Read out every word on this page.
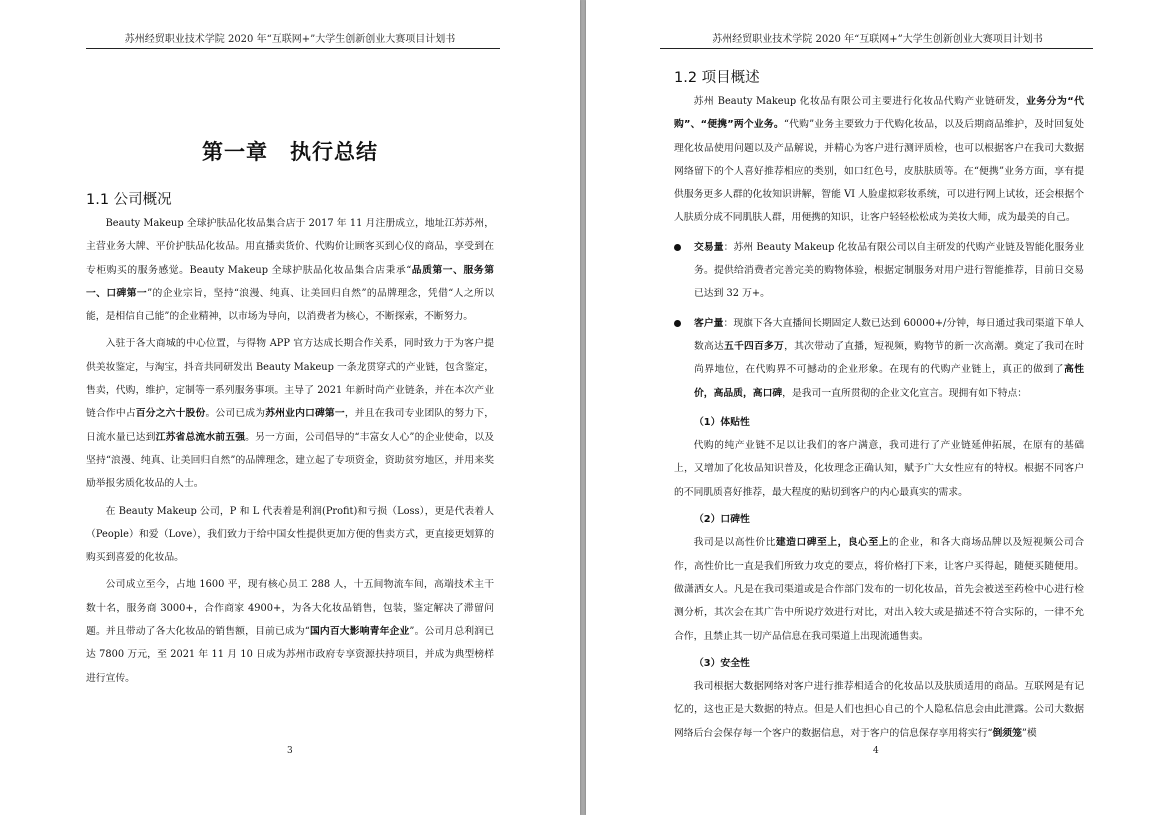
苏州经贸职业技术学院 2020 年“互联网+”大学生创新创业大赛项目计划书
第一章　执行总结
1.1 公司概况

Beauty Makeup 全球护肤品化妆品集合店于 2017 年 11 月注册成立，地址江苏苏州，主营业务大牌、平价护肤品化妆品。用直播卖货价、代购价让顾客买到心仪的商品，享受到在专柜购买的服务感觉。Beauty Makeup 全球护肤品化妆品集合店秉承“品质第一、服务第一、口碑第一”的企业宗旨，坚持“浪漫、纯真、让美回归自然”的品牌理念，凭借“人之所以能，是相信自己能”的企业精神，以市场为导向，以消费者为核心，不断探索，不断努力。

入驻于各大商城的中心位置，与得物 APP 官方达成长期合作关系，同时致力于为客户提供美妆鉴定，与淘宝，抖音共同研发出 Beauty Makeup 一条龙贯穿式的产业链，包含鉴定，售卖，代购，维护，定制等一系列服务事项。主导了 2021 年新时尚产业链条，并在本次产业链合作中占百分之六十股份。公司已成为苏州业内口碑第一，并且在我司专业团队的努力下，日流水量已达到江苏省总流水前五强。另一方面，公司倡导的“丰富女人心”的企业使命，以及坚持“浪漫、纯真、让美回归自然”的品牌理念，建立起了专项资金，资助贫穷地区，并用来奖励举报劣质化妆品的人士。

在 Beauty Makeup 公司，P 和 L 代表着是利润(Profit)和亏损（Loss），更是代表着人（People）和爱（Love），我们致力于给中国女性提供更加方便的售卖方式，更直接更划算的购买到喜爱的化妆品。

公司成立至今，占地 1600 平，现有核心员工 288 人，十五间物流车间，高端技术主干数十名，服务商 3000+，合作商家 4900+，为各大化妆品销售，包装，鉴定解决了滞留问题。并且带动了各大化妆品的销售额，目前已成为“国内百大影响青年企业”。公司月总利润已达 7800 万元，至 2021 年 11 月 10 日成为苏州市政府专享资源扶持项目，并成为典型榜样进行宣传。

3
苏州经贸职业技术学院 2020 年“互联网+”大学生创新创业大赛项目计划书
1.2 项目概述

苏州 Beauty Makeup 化妆品有限公司主要进行化妆品代购产业链研发，业务分为“代购”、“便携”两个业务。“代购”业务主要致力于代购化妆品，以及后期商品维护，及时回复处理化妆品使用问题以及产品解说，并精心为客户进行测评质检，也可以根据客户在我司大数据网络留下的个人喜好推荐相应的类别，如口红色号，皮肤肤质等。在“便携”业务方面，享有提供服务更多人群的化妆知识讲解，智能 VI 人脸虚拟彩妆系统，可以进行网上试妆，还会根据个人肤质分成不同肌肤人群，用便携的知识，让客户轻轻松松成为美妆大师，成为最美的自己。

交易量：苏州 Beauty Makeup 化妆品有限公司以自主研发的代购产业链及智能化服务业务。提供给消费者完善完美的购物体验，根据定制服务对用户进行智能推荐，目前日交易已达到 32 万+。
客户量：现旗下各大直播间长期固定人数已达到 60000+/分钟，每日通过我司渠道下单人数高达五千四百多万，其次带动了直播，短视频，购物节的新一次高潮。奠定了我司在时尚界地位，在代购界不可撼动的企业形象。在现有的代购产业链上，真正的做到了高性价，高品质，高口碑，是我司一直所贯彻的企业文化宣言。现拥有如下特点：
（1）体贴性

代购的纯产业链不足以让我们的客户满意，我司进行了产业链延伸拓展，在原有的基础上，又增加了化妆品知识普及，化妆理念正确认知，赋予广大女性应有的特权。根据不同客户的不同肌质喜好推荐，最大程度的贴切到客户的内心最真实的需求。

（2）口碑性

我司是以高性价比建造口碑至上，良心至上的企业，和各大商场品牌以及短视频公司合作，高性价比一直是我们所致力攻克的要点，将价格打下来，让客户买得起，随便买随便用。做潇洒女人。凡是在我司渠道或是合作部门发布的一切化妆品，首先会被送至药检中心进行检测分析，其次会在其广告中所说疗效进行对比，对出入较大或是描述不符合实际的，一律不允合作，且禁止其一切产品信息在我司渠道上出现流通售卖。

（3）安全性

我司根据大数据网络对客户进行推荐相适合的化妆品以及肤质适用的商品。互联网是有记忆的，这也正是大数据的特点。但是人们也担心自己的个人隐私信息会由此泄露。公司大数据网络后台会保存每一个客户的数据信息，对于客户的信息保存享用将实行“倒须笼”模

4
